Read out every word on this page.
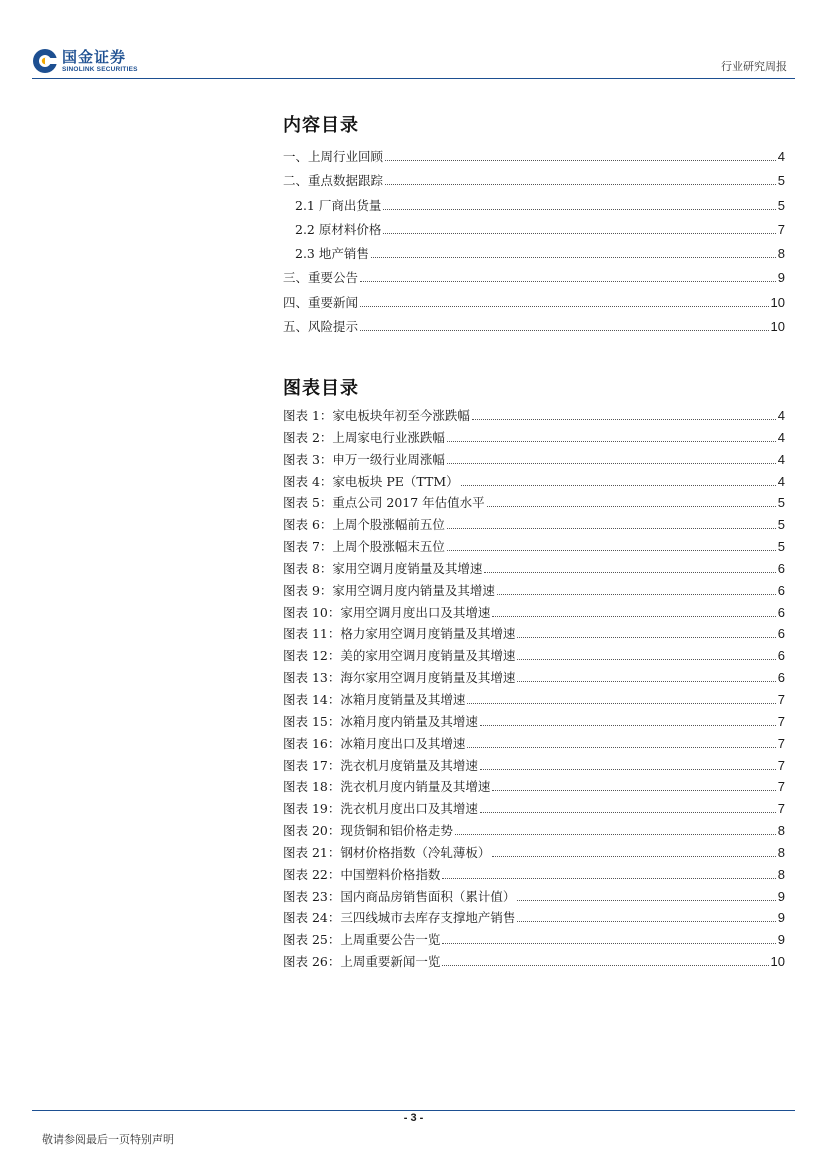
国金证券
SINOLINK SECURITIES	行业研究周报
内容目录
一、上周行业回顾	4
二、重点数据跟踪	5
2.1 厂商出货量	5
2.2 原材料价格	7
2.3 地产销售	8
三、重要公告	9
四、重要新闻	10
五、风险提示	10
图表目录
图表 1：家电板块年初至今涨跌幅	4
图表 2：上周家电行业涨跌幅	4
图表 3：申万一级行业周涨幅	4
图表 4：家电板块 PE（TTM）	4
图表 5：重点公司 2017 年估值水平	5
图表 6：上周个股涨幅前五位	5
图表 7：上周个股涨幅末五位	5
图表 8：家用空调月度销量及其增速	6
图表 9：家用空调月度内销量及其增速	6
图表 10：家用空调月度出口及其增速	6
图表 11：格力家用空调月度销量及其增速	6
图表 12：美的家用空调月度销量及其增速	6
图表 13：海尔家用空调月度销量及其增速	6
图表 14：冰箱月度销量及其增速	7
图表 15：冰箱月度内销量及其增速	7
图表 16：冰箱月度出口及其增速	7
图表 17：洗衣机月度销量及其增速	7
图表 18：洗衣机月度内销量及其增速	7
图表 19：洗衣机月度出口及其增速	7
图表 20：现货铜和铝价格走势	8
图表 21：钢材价格指数（冷轧薄板）	8
图表 22：中国塑料价格指数	8
图表 23：国内商品房销售面积（累计值）	9
图表 24：三四线城市去库存支撑地产销售	9
图表 25：上周重要公告一览	9
图表 26：上周重要新闻一览	10
- 3 -
敬请参阅最后一页特别声明
